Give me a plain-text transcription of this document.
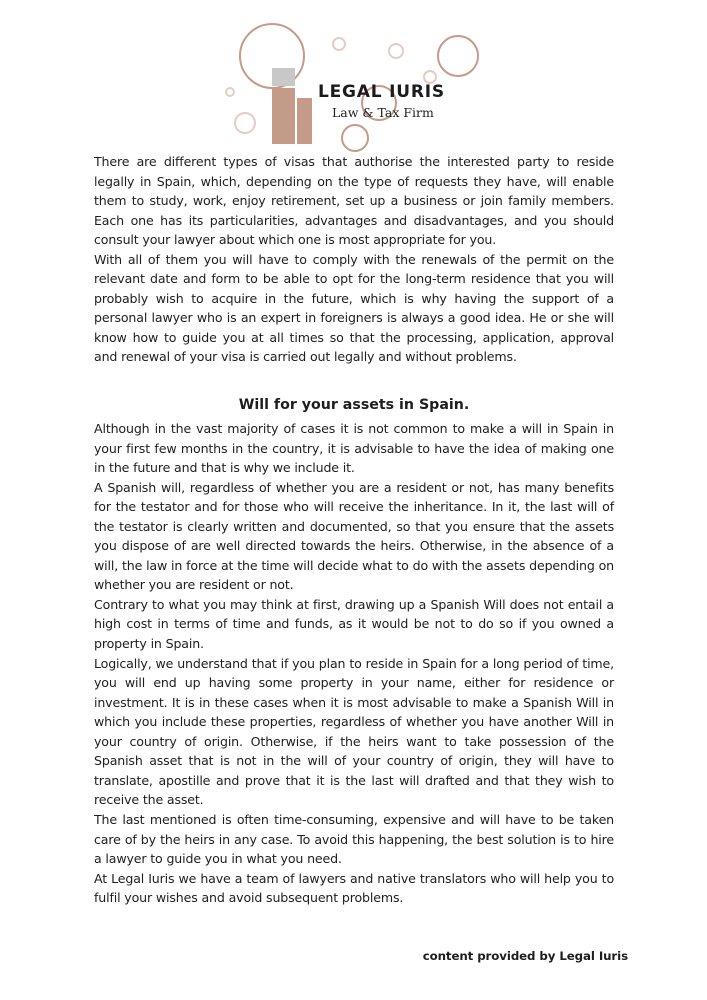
LEGAL IURIS

Law & Tax Firm

There are different types of visas that authorise the interested party to reside legally in Spain, which, depending on the type of requests they have, will enable them to study, work, enjoy retirement, set up a business or join family members. Each one has its particularities, advantages and disadvantages, and you should consult your lawyer about which one is most appropriate for you.

With all of them you will have to comply with the renewals of the permit on the relevant date and form to be able to opt for the long-term residence that you will probably wish to acquire in the future, which is why having the support of a personal lawyer who is an expert in foreigners is always a good idea. He or she will know how to guide you at all times so that the processing, application, approval and renewal of your visa is carried out legally and without problems.

Will for your assets in Spain.

Although in the vast majority of cases it is not common to make a will in Spain in your first few months in the country, it is advisable to have the idea of making one in the future and that is why we include it.

A Spanish will, regardless of whether you are a resident or not, has many benefits for the testator and for those who will receive the inheritance. In it, the last will of the testator is clearly written and documented, so that you ensure that the assets you dispose of are well directed towards the heirs. Otherwise, in the absence of a will, the law in force at the time will decide what to do with the assets depending on whether you are resident or not.

Contrary to what you may think at first, drawing up a Spanish Will does not entail a high cost in terms of time and funds, as it would be not to do so if you owned a property in Spain.

Logically, we understand that if you plan to reside in Spain for a long period of time, you will end up having some property in your name, either for residence or investment. It is in these cases when it is most advisable to make a Spanish Will in which you include these properties, regardless of whether you have another Will in your country of origin. Otherwise, if the heirs want to take possession of the Spanish asset that is not in the will of your country of origin, they will have to translate, apostille and prove that it is the last will drafted and that they wish to receive the asset.

The last mentioned is often time-consuming, expensive and will have to be taken care of by the heirs in any case. To avoid this happening, the best solution is to hire a lawyer to guide you in what you need.

At Legal Iuris we have a team of lawyers and native translators who will help you to fulfil your wishes and avoid subsequent problems.

content provided by Legal Iuris
